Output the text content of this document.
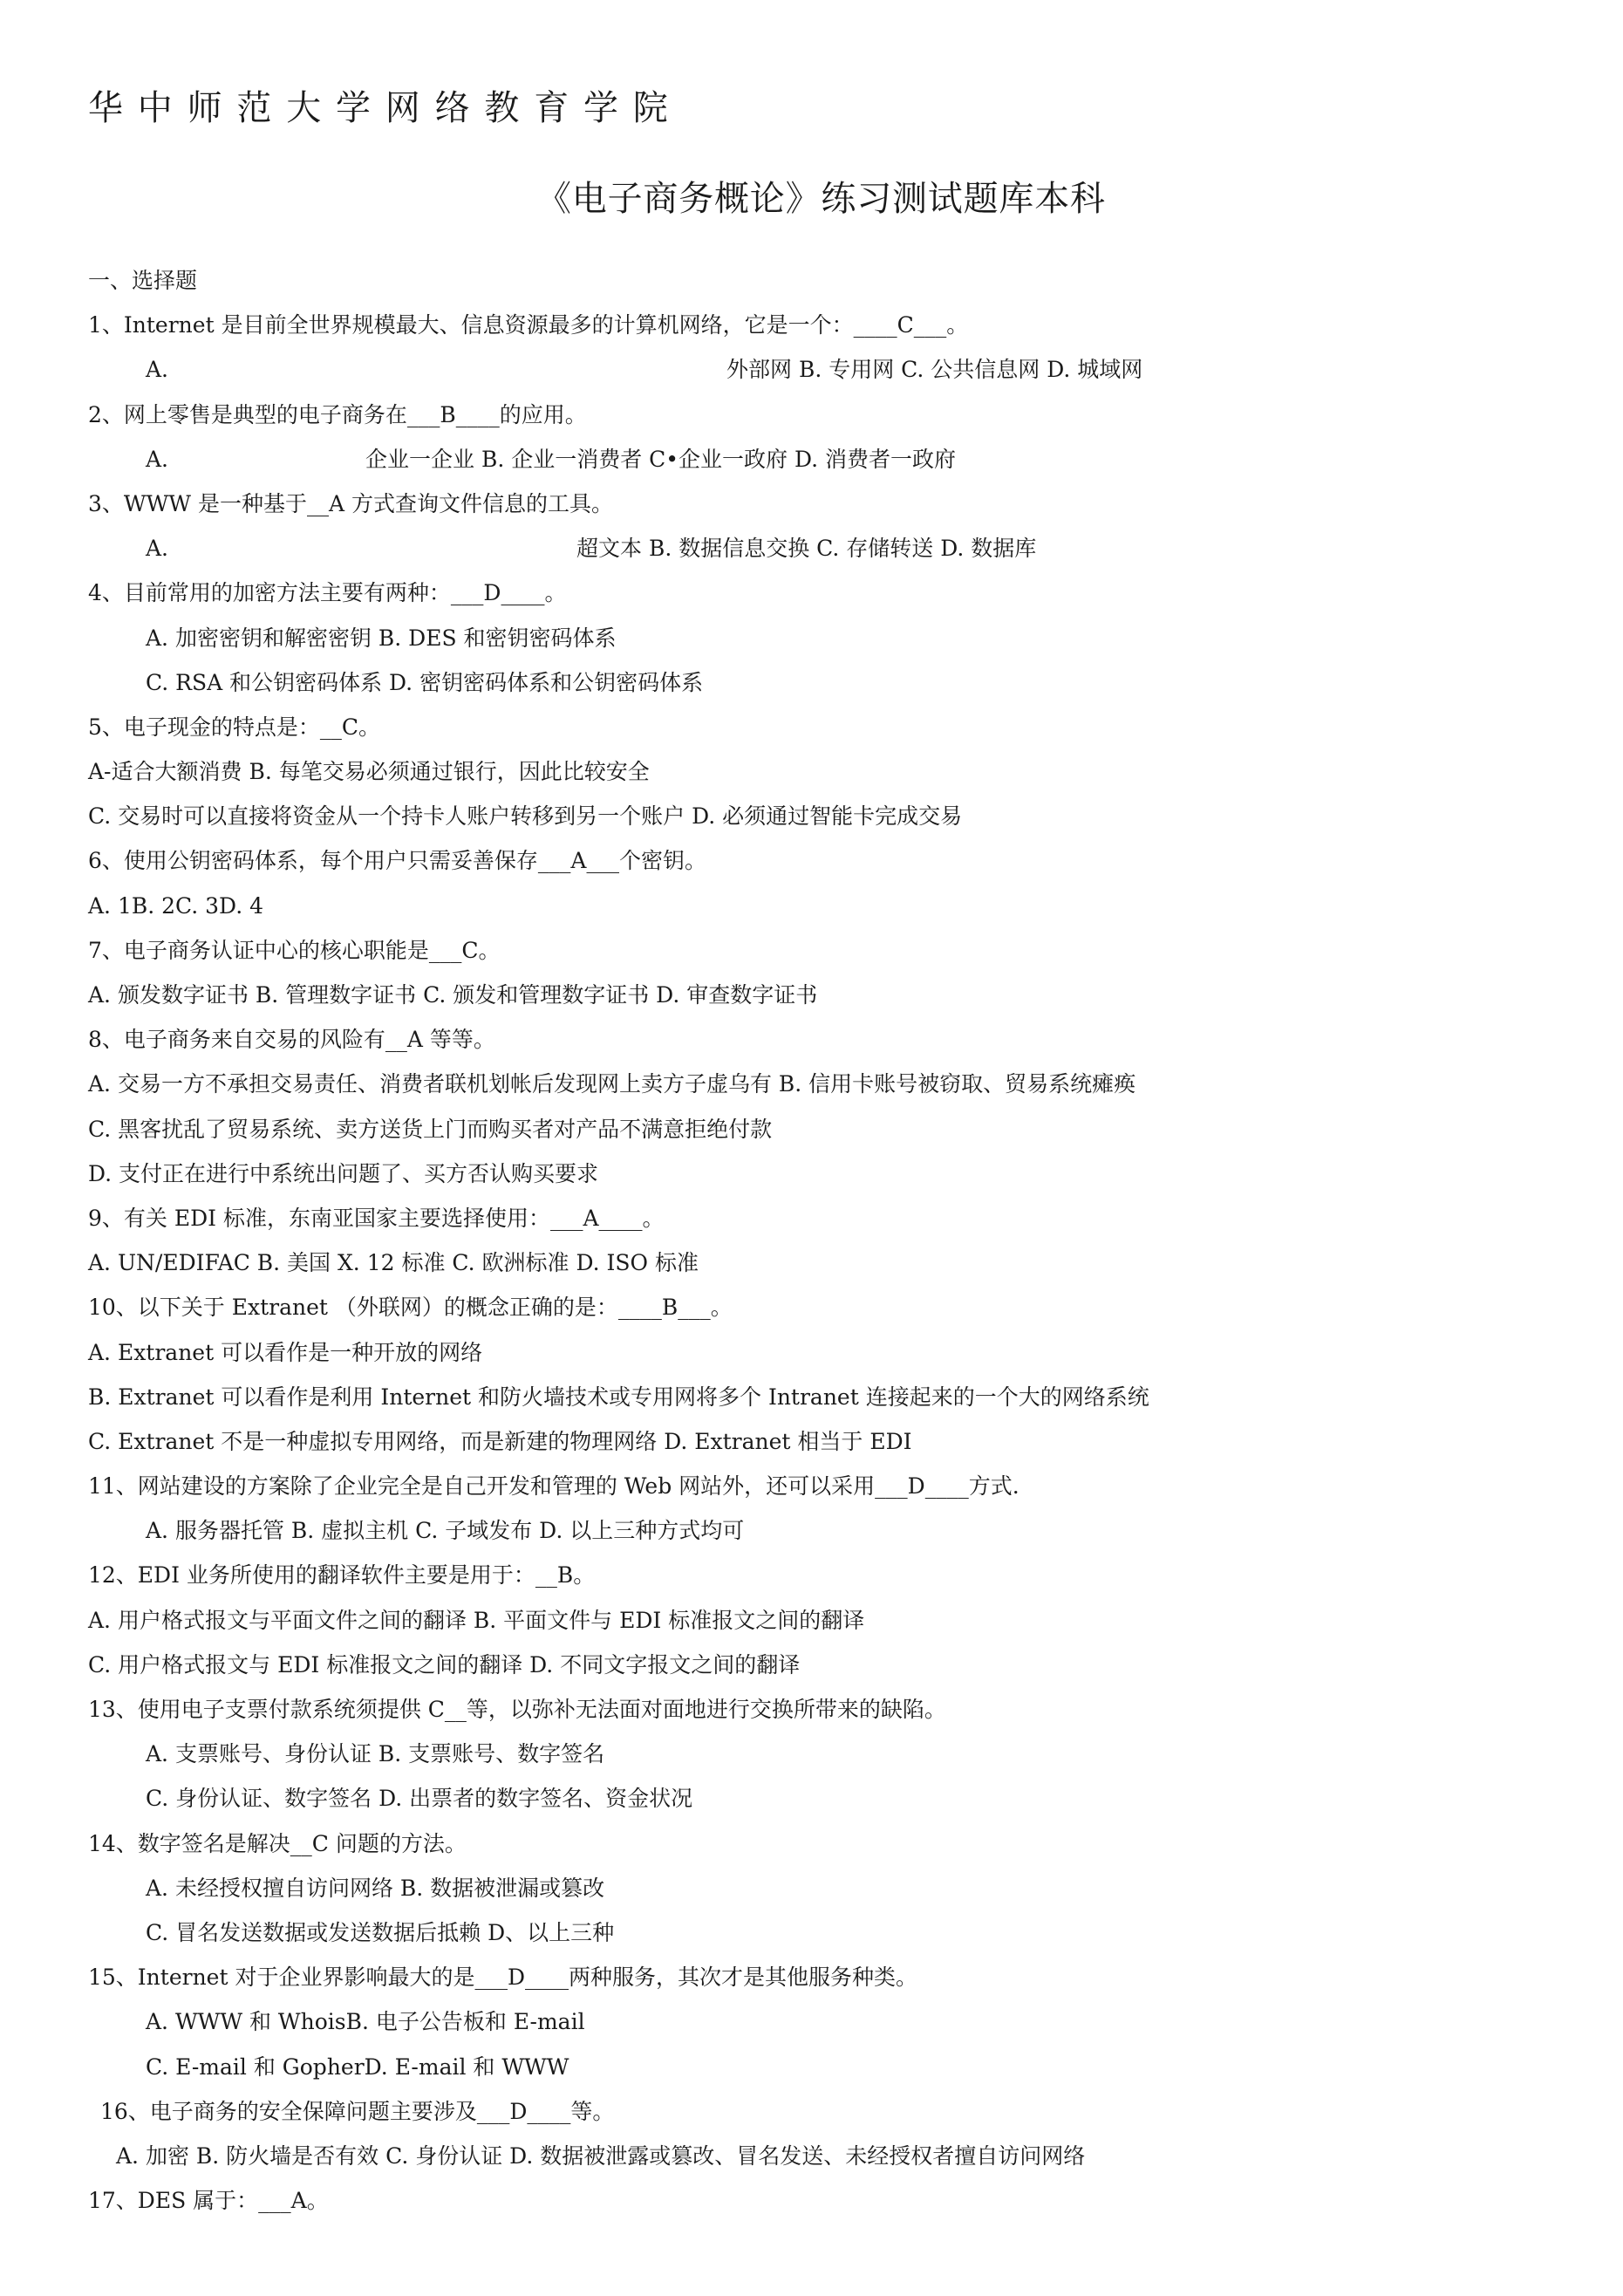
华中师范大学网络教育学院
《电子商务概论》练习测试题库本科
一、选择题
1、Internet 是目前全世界规模最大、信息资源最多的计算机网络，它是一个：____C___。
A.	外部网 B. 专用网 C. 公共信息网 D. 城域网
2、网上零售是典型的电子商务在___B____的应用。
A.	企业一企业 B. 企业一消费者 C•企业一政府 D. 消费者一政府
3、WWW 是一种基于__A 方式查询文件信息的工具。
A.	超文本 B. 数据信息交换 C. 存储转送 D. 数据库
4、目前常用的加密方法主要有两种：___D____。
A. 加密密钥和解密密钥 B. DES 和密钥密码体系
C. RSA 和公钥密码体系 D. 密钥密码体系和公钥密码体系
5、电子现金的特点是：__C。
A-适合大额消费 B. 每笔交易必须通过银行，因此比较安全
C. 交易时可以直接将资金从一个持卡人账户转移到另一个账户 D. 必须通过智能卡完成交易
6、使用公钥密码体系，每个用户只需妥善保存___A___个密钥。
A. 1B. 2C. 3D. 4
7、电子商务认证中心的核心职能是___C。
A. 颁发数字证书 B. 管理数字证书 C. 颁发和管理数字证书 D. 审查数字证书
8、电子商务来自交易的风险有__A 等等。
A. 交易一方不承担交易责任、消费者联机划帐后发现网上卖方子虚乌有 B. 信用卡账号被窃取、贸易系统瘫痪
C. 黑客扰乱了贸易系统、卖方送货上门而购买者对产品不满意拒绝付款
D. 支付正在进行中系统出问题了、买方否认购买要求
9、有关 EDI 标准，东南亚国家主要选择使用：___A____。
A. UN/EDIFAC B. 美国 X. 12 标准 C. 欧洲标准 D. ISO 标准
10、以下关于 Extranet （外联网）的概念正确的是：____B___。
A. Extranet 可以看作是一种开放的网络
B. Extranet 可以看作是利用 Internet 和防火墙技术或专用网将多个 Intranet 连接起来的一个大的网络系统
C. Extranet 不是一种虚拟专用网络，而是新建的物理网络 D. Extranet 相当于 EDI
11、网站建设的方案除了企业完全是自己开发和管理的 Web 网站外，还可以采用___D____方式.
A. 服务器托管 B. 虚拟主机 C. 子域发布 D. 以上三种方式均可
12、EDI 业务所使用的翻译软件主要是用于：__B。
A. 用户格式报文与平面文件之间的翻译 B. 平面文件与 EDI 标准报文之间的翻译
C. 用户格式报文与 EDI 标准报文之间的翻译 D. 不同文字报文之间的翻译
13、使用电子支票付款系统须提供 C__等，以弥补无法面对面地进行交换所带来的缺陷。
A. 支票账号、身份认证 B. 支票账号、数字签名
C. 身份认证、数字签名 D. 出票者的数字签名、资金状况
14、数字签名是解决__C 问题的方法。
A. 未经授权擅自访问网络 B. 数据被泄漏或篡改
C. 冒名发送数据或发送数据后抵赖 D、以上三种
15、Internet 对于企业界影响最大的是___D____两种服务，其次才是其他服务种类。
A. WWW 和 WhoisB. 电子公告板和 E-mail
C. E-mail 和 GopherD. E-mail 和 WWW
16、电子商务的安全保障问题主要涉及___D____等。
A. 加密 B. 防火墙是否有效 C. 身份认证 D. 数据被泄露或篡改、冒名发送、未经授权者擅自访问网络
17、DES 属于：___A。
